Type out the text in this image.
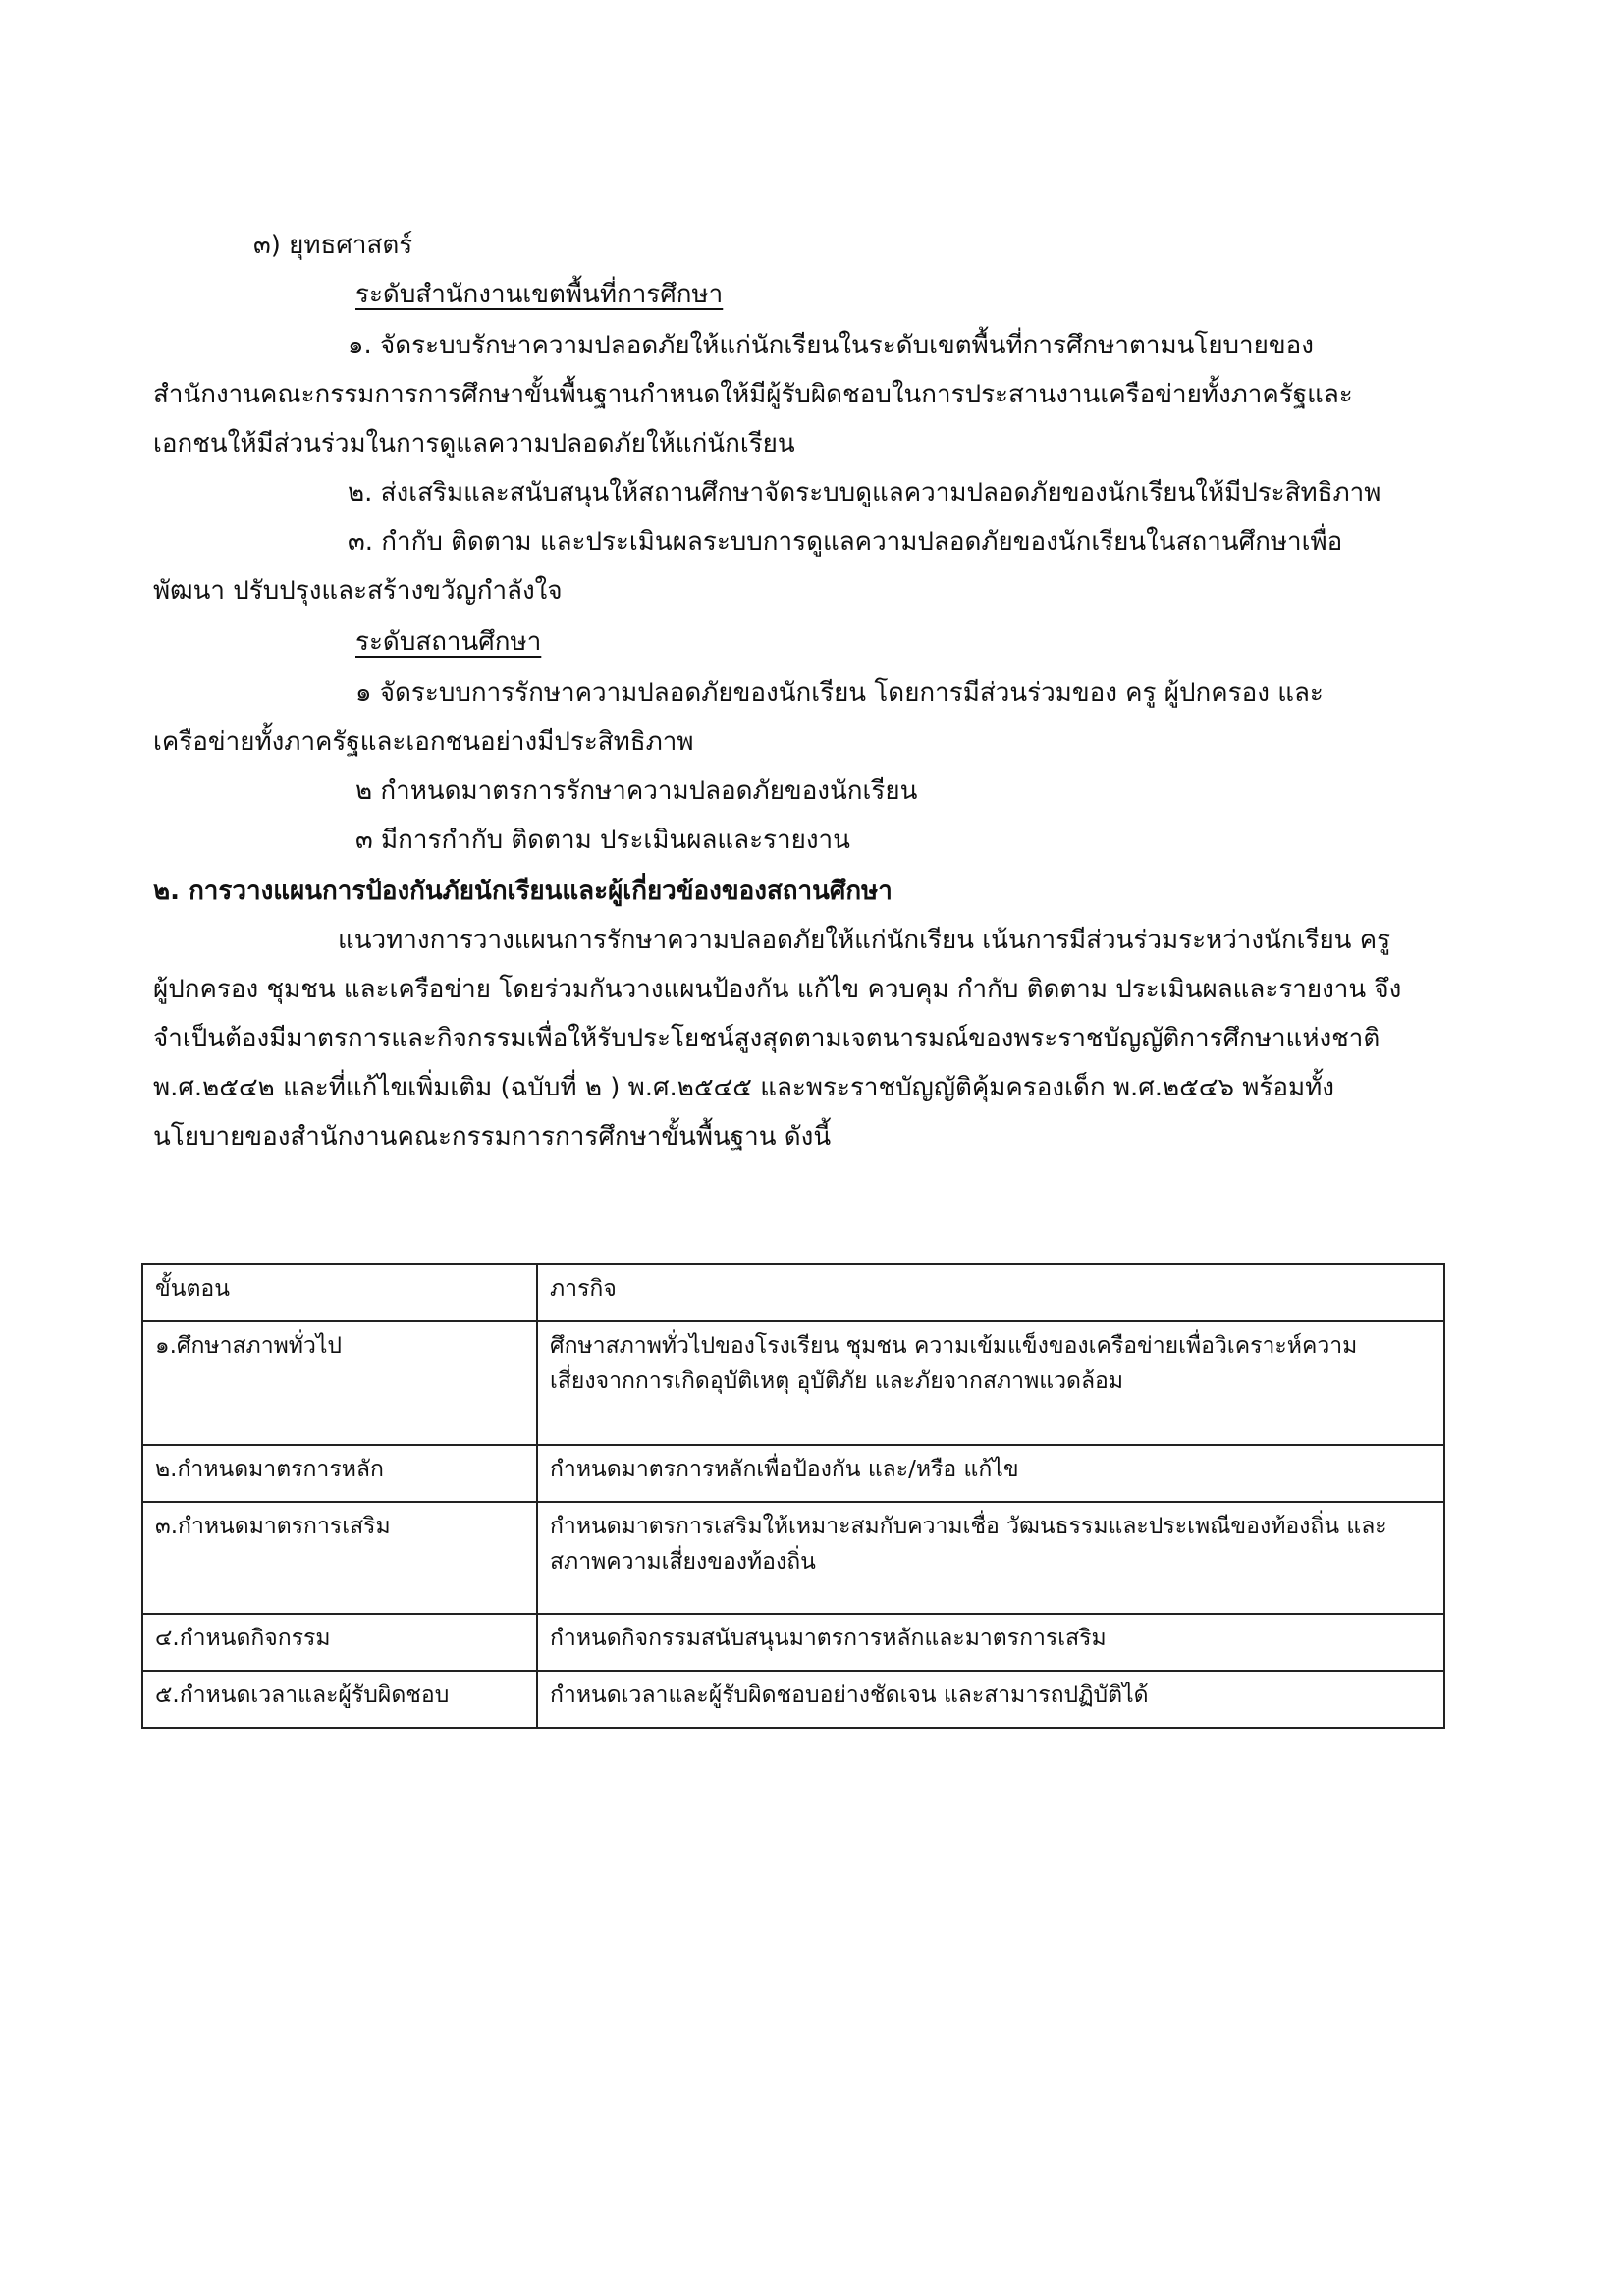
๓) ยุทธศาสตร์
ระดับสำนักงานเขตพื้นที่การศึกษา
๑. จัดระบบรักษาความปลอดภัยให้แก่นักเรียนในระดับเขตพื้นที่การศึกษาตามนโยบายของ
สำนักงานคณะกรรมการการศึกษาขั้นพื้นฐานกำหนดให้มีผู้รับผิดชอบในการประสานงานเครือข่ายทั้งภาครัฐและ
เอกชนให้มีส่วนร่วมในการดูแลความปลอดภัยให้แก่นักเรียน
๒. ส่งเสริมและสนับสนุนให้สถานศึกษาจัดระบบดูแลความปลอดภัยของนักเรียนให้มีประสิทธิภาพ
๓. กำกับ ติดตาม และประเมินผลระบบการดูแลความปลอดภัยของนักเรียนในสถานศึกษาเพื่อ
พัฒนา ปรับปรุงและสร้างขวัญกำลังใจ
ระดับสถานศึกษา
๑ จัดระบบการรักษาความปลอดภัยของนักเรียน โดยการมีส่วนร่วมของ ครู ผู้ปกครอง และ
เครือข่ายทั้งภาครัฐและเอกชนอย่างมีประสิทธิภาพ
๒ กำหนดมาตรการรักษาความปลอดภัยของนักเรียน
๓ มีการกำกับ ติดตาม ประเมินผลและรายงาน
๒. การวางแผนการป้องกันภัยนักเรียนและผู้เกี่ยวข้องของสถานศึกษา
แนวทางการวางแผนการรักษาความปลอดภัยให้แก่นักเรียน เน้นการมีส่วนร่วมระหว่างนักเรียน ครู
ผู้ปกครอง ชุมชน และเครือข่าย โดยร่วมกันวางแผนป้องกัน แก้ไข ควบคุม กำกับ ติดตาม ประเมินผลและรายงาน จึง
จำเป็นต้องมีมาตรการและกิจกรรมเพื่อให้รับประโยชน์สูงสุดตามเจตนารมณ์ของพระราชบัญญัติการศึกษาแห่งชาติ
พ.ศ.๒๕๔๒ และที่แก้ไขเพิ่มเติม (ฉบับที่ ๒ ) พ.ศ.๒๕๔๕ และพระราชบัญญัติคุ้มครองเด็ก พ.ศ.๒๕๔๖ พร้อมทั้ง
นโยบายของสำนักงานคณะกรรมการการศึกษาขั้นพื้นฐาน ดังนี้
ขั้นตอน	ภารกิจ
๑.ศึกษาสภาพทั่วไป	ศึกษาสภาพทั่วไปของโรงเรียน ชุมชน ความเข้มแข็งของเครือข่ายเพื่อวิเคราะห์ความ
เสี่ยงจากการเกิดอุบัติเหตุ อุบัติภัย และภัยจากสภาพแวดล้อม

๒.กำหนดมาตรการหลัก	กำหนดมาตรการหลักเพื่อป้องกัน และ/หรือ แก้ไข

๓.กำหนดมาตรการเสริม	กำหนดมาตรการเสริมให้เหมาะสมกับความเชื่อ วัฒนธรรมและประเพณีของท้องถิ่น และ
สภาพความเสี่ยงของท้องถิ่น

๔.กำหนดกิจกรรม	กำหนดกิจกรรมสนับสนุนมาตรการหลักและมาตรการเสริม

๕.กำหนดเวลาและผู้รับผิดชอบ	กำหนดเวลาและผู้รับผิดชอบอย่างชัดเจน และสามารถปฏิบัติได้
